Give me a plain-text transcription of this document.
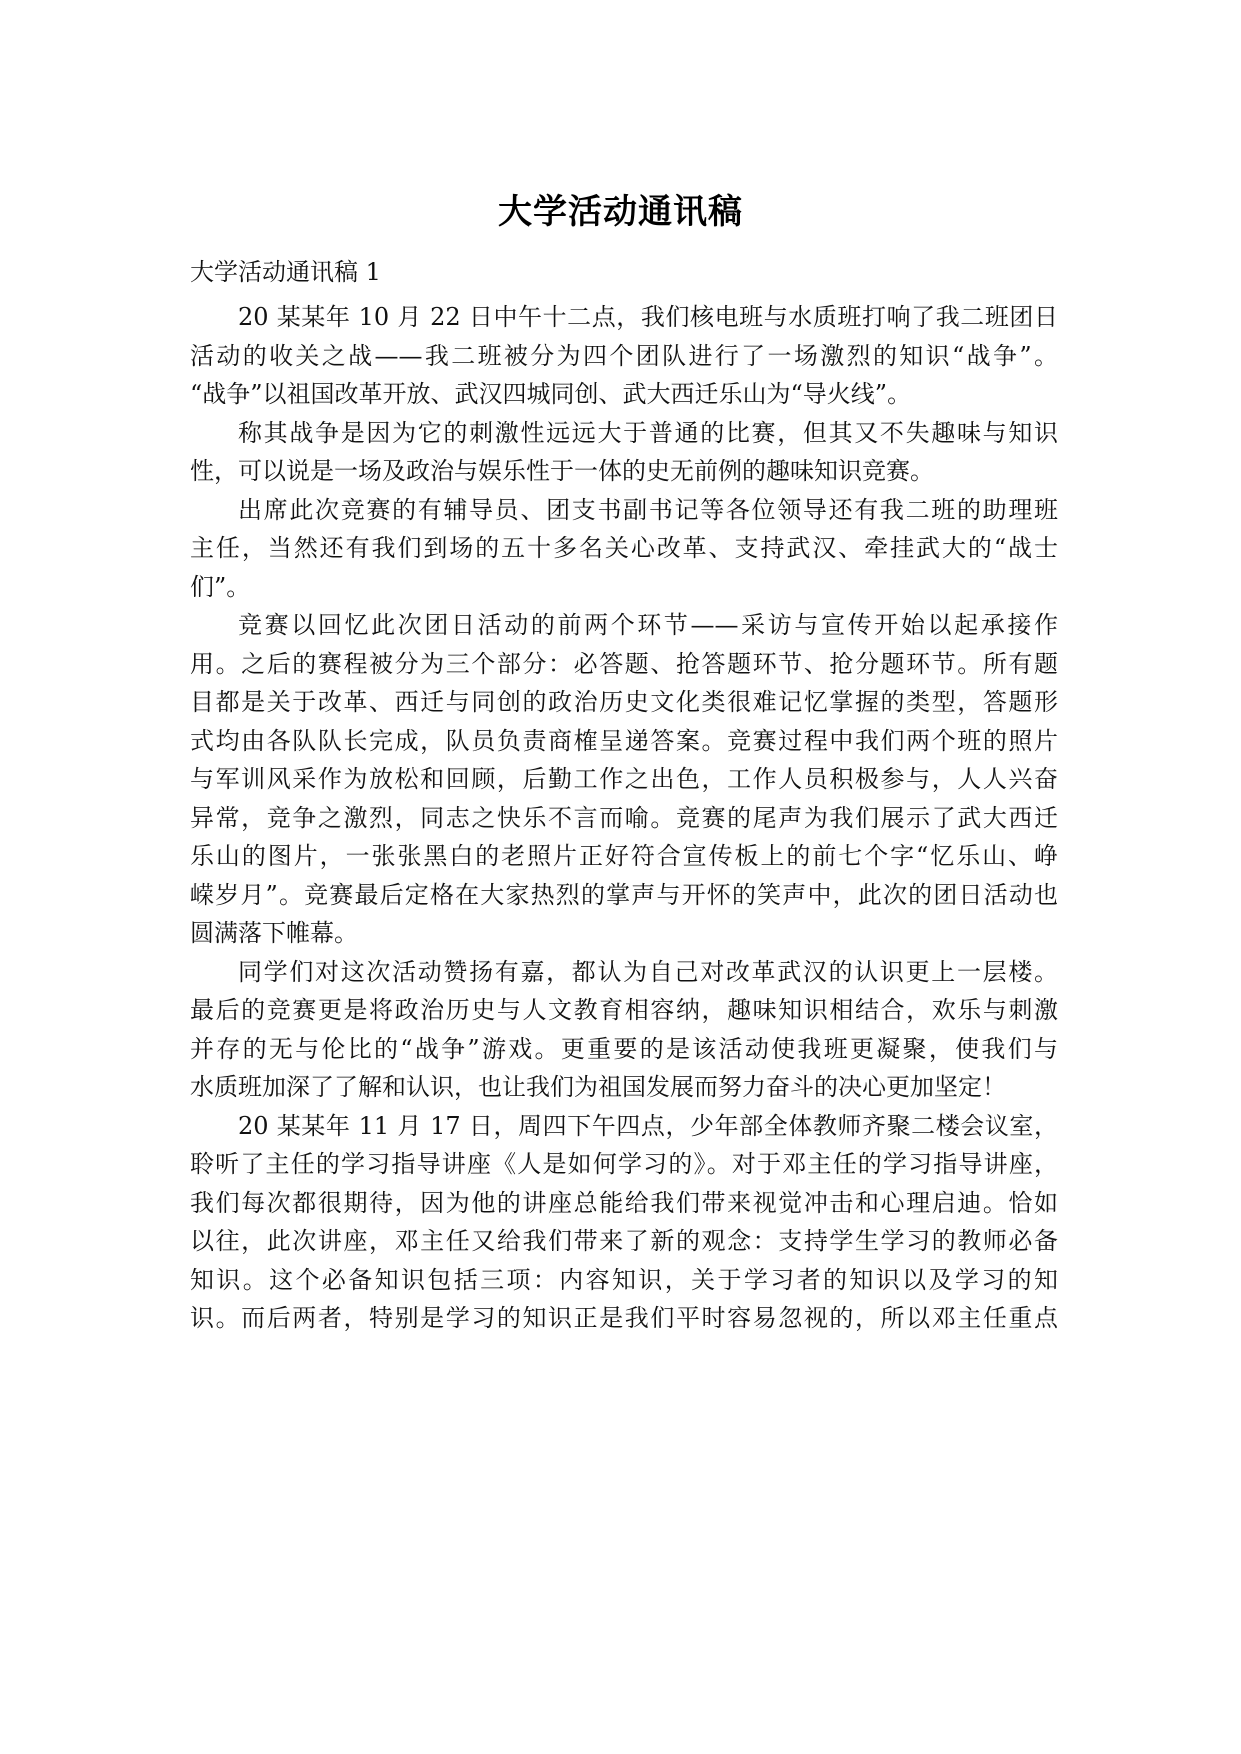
大学活动通讯稿
大学活动通讯稿 1
20 某某年 10 月 22 日中午十二点，我们核电班与水质班打响了我二班团日
活动的收关之战——我二班被分为四个团队进行了一场激烈的知识“战争”。
“战争”以祖国改革开放、武汉四城同创、武大西迁乐山为“导火线”。
称其战争是因为它的刺激性远远大于普通的比赛，但其又不失趣味与知识
性，可以说是一场及政治与娱乐性于一体的史无前例的趣味知识竞赛。
出席此次竞赛的有辅导员、团支书副书记等各位领导还有我二班的助理班
主任，当然还有我们到场的五十多名关心改革、支持武汉、牵挂武大的“战士
们”。
竞赛以回忆此次团日活动的前两个环节——采访与宣传开始以起承接作
用。之后的赛程被分为三个部分：必答题、抢答题环节、抢分题环节。所有题
目都是关于改革、西迁与同创的政治历史文化类很难记忆掌握的类型，答题形
式均由各队队长完成，队员负责商榷呈递答案。竞赛过程中我们两个班的照片
与军训风采作为放松和回顾，后勤工作之出色，工作人员积极参与，人人兴奋
异常，竞争之激烈，同志之快乐不言而喻。竞赛的尾声为我们展示了武大西迁
乐山的图片，一张张黑白的老照片正好符合宣传板上的前七个字“忆乐山、峥
嵘岁月”。竞赛最后定格在大家热烈的掌声与开怀的笑声中，此次的团日活动也
圆满落下帷幕。
同学们对这次活动赞扬有嘉，都认为自己对改革武汉的认识更上一层楼。
最后的竞赛更是将政治历史与人文教育相容纳，趣味知识相结合，欢乐与刺激
并存的无与伦比的“战争”游戏。更重要的是该活动使我班更凝聚，使我们与
水质班加深了了解和认识，也让我们为祖国发展而努力奋斗的决心更加坚定！
20 某某年 11 月 17 日，周四下午四点，少年部全体教师齐聚二楼会议室，
聆听了主任的学习指导讲座《人是如何学习的》。对于邓主任的学习指导讲座，
我们每次都很期待，因为他的讲座总能给我们带来视觉冲击和心理启迪。恰如
以往，此次讲座，邓主任又给我们带来了新的观念：支持学生学习的教师必备
知识。这个必备知识包括三项：内容知识，关于学习者的知识以及学习的知
识。而后两者，特别是学习的知识正是我们平时容易忽视的，所以邓主任重点
